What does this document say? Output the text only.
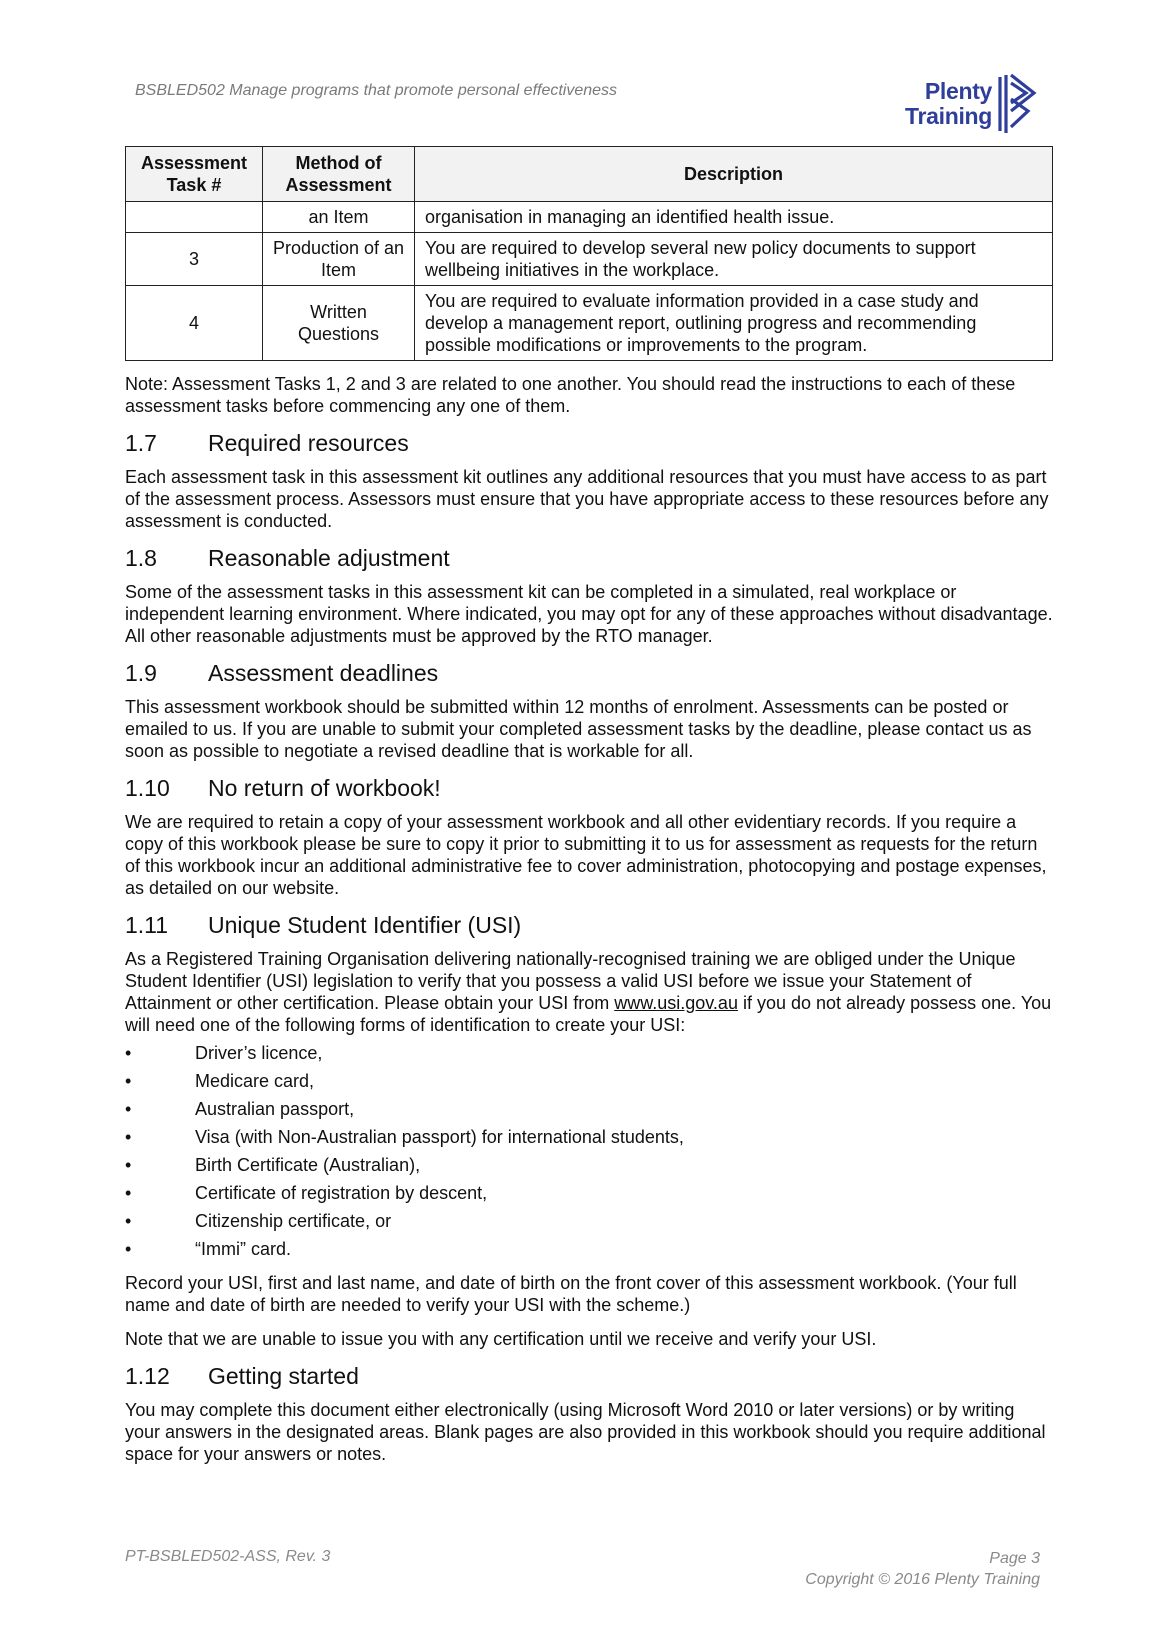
BSBLED502 Manage programs that promote personal effectiveness	Plenty
Training
Assessment Task #	Method of Assessment	Description
	an Item	organisation in managing an identified health issue.
3	Production of an Item	You are required to develop several new policy documents to support wellbeing initiatives in the workplace.
4	Written Questions	You are required to evaluate information provided in a case study and develop a management report, outlining progress and recommending possible modifications or improvements to the program.

Note: Assessment Tasks 1, 2 and 3 are related to one another. You should read the instructions to each of these assessment tasks before commencing any one of them.

1.7	Required resources

Each assessment task in this assessment kit outlines any additional resources that you must have access to as part of the assessment process. Assessors must ensure that you have appropriate access to these resources before any assessment is conducted.

1.8	Reasonable adjustment

Some of the assessment tasks in this assessment kit can be completed in a simulated, real workplace or independent learning environment. Where indicated, you may opt for any of these approaches without disadvantage. All other reasonable adjustments must be approved by the RTO manager.

1.9	Assessment deadlines

This assessment workbook should be submitted within 12 months of enrolment. Assessments can be posted or emailed to us. If you are unable to submit your completed assessment tasks by the deadline, please contact us as soon as possible to negotiate a revised deadline that is workable for all.

1.10	No return of workbook!

We are required to retain a copy of your assessment workbook and all other evidentiary records. If you require a copy of this workbook please be sure to copy it prior to submitting it to us for assessment as requests for the return of this workbook incur an additional administrative fee to cover administration, photocopying and postage expenses, as detailed on our website.

1.11	Unique Student Identifier (USI)

As a Registered Training Organisation delivering nationally-recognised training we are obliged under the Unique Student Identifier (USI) legislation to verify that you possess a valid USI before we issue your Statement of Attainment or other certification. Please obtain your USI from www.usi.gov.au if you do not already possess one. You will need one of the following forms of identification to create your USI:

•	Driver’s licence,
•	Medicare card,
•	Australian passport,
•	Visa (with Non-Australian passport) for international students,
•	Birth Certificate (Australian),
•	Certificate of registration by descent,
•	Citizenship certificate, or
•	“Immi” card.

Record your USI, first and last name, and date of birth on the front cover of this assessment workbook. (Your full name and date of birth are needed to verify your USI with the scheme.)

Note that we are unable to issue you with any certification until we receive and verify your USI.

1.12	Getting started

You may complete this document either electronically (using Microsoft Word 2010 or later versions) or by writing your answers in the designated areas. Blank pages are also provided in this workbook should you require additional space for your answers or notes.

PT-BSBLED502-ASS, Rev. 3	Page 3
Copyright © 2016 Plenty Training
